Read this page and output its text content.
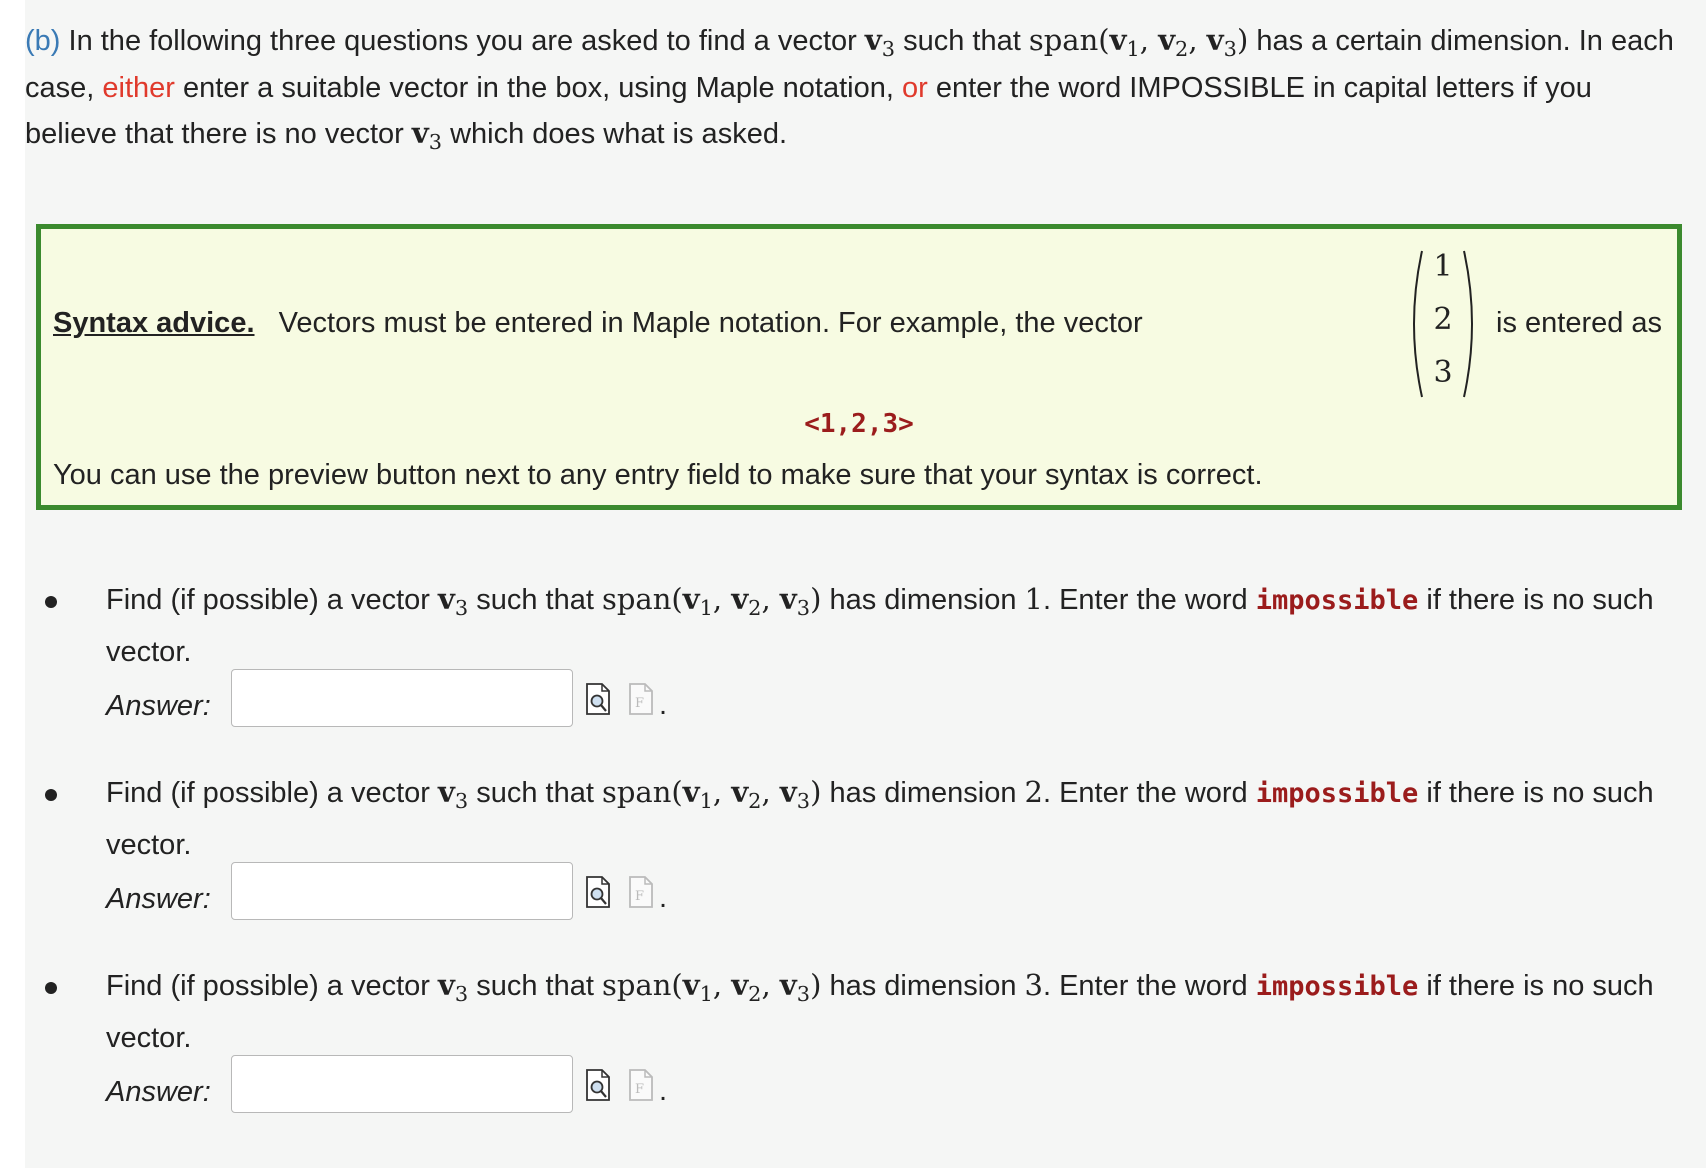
(b) In the following three questions you are asked to find a vector $v_3$ such that $span(v_1$, $v_2$, $v_3$) has a certain dimension. In each case, either enter a suitable vector in the box, using Maple notation, or enter the word IMPOSSIBLE in capital letters if you believe that there is no vector $v_3$ which does what is asked.
Syntax advice. Vectors must be entered in Maple notation. For example, the vector
1
2
3
is entered as
<1,2,3>
You can use the preview button next to any entry field to make sure that your syntax is correct.
Find (if possible) a vector $v_3$ such that $span(v_1$, $v_2$, $v_3$) has dimension 1. Enter the word impossible if there is no such vector.
Answer:	F .
Find (if possible) a vector $v_3$ such that $span(v_1$, $v_2$, $v_3$) has dimension 2. Enter the word impossible if there is no such vector.
Answer:	F .
Find (if possible) a vector $v_3$ such that $span(v_1$, $v_2$, $v_3$) has dimension 3. Enter the word impossible if there is no such vector.
Answer:	F .
